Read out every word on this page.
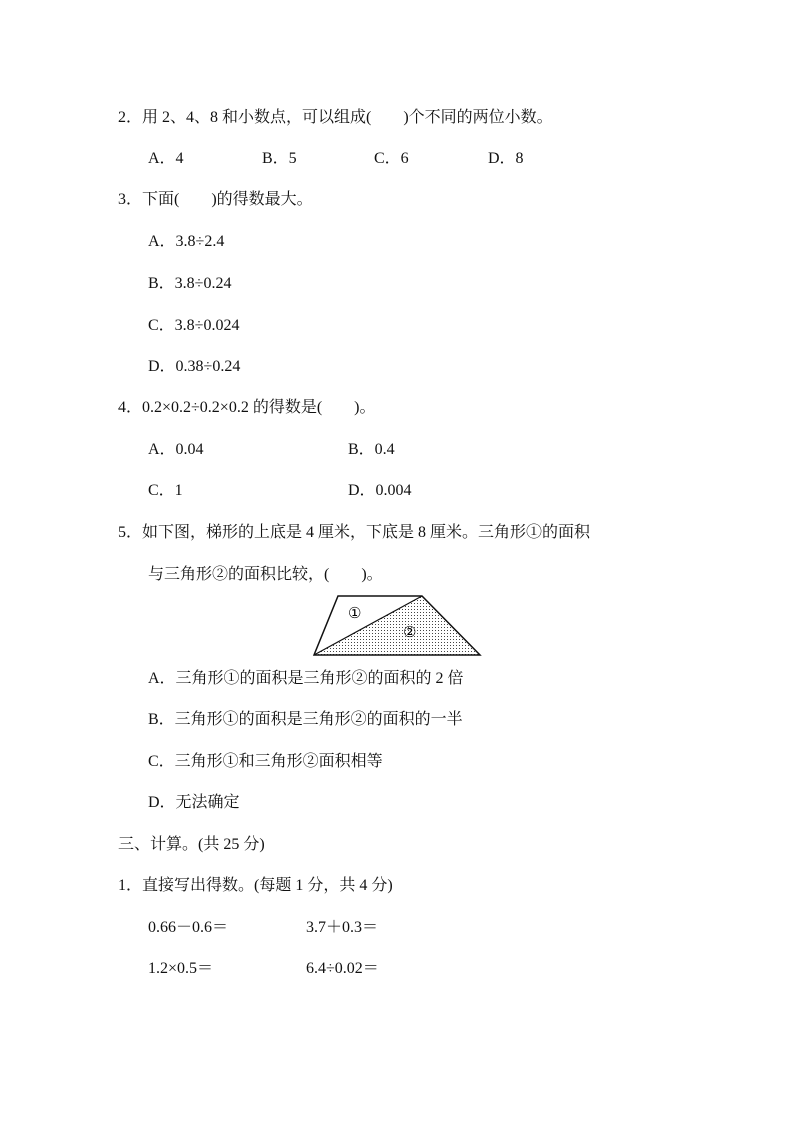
2．用 2、4、8 和小数点，可以组成(　　)个不同的两位小数。
A．4	B．5	C．6	D．8
3．下面(　　)的得数最大。
A．3.8÷2.4
B．3.8÷0.24
C．3.8÷0.024
D．0.38÷0.24
4．0.2×0.2÷0.2×0.2 的得数是(　　)。
A．0.04	B．0.4
C．1	D．0.004
5．如下图，梯形的上底是 4 厘米，下底是 8 厘米。三角形①的面积
与三角形②的面积比较，(　　)。
①
②
A．三角形①的面积是三角形②的面积的 2 倍
B．三角形①的面积是三角形②的面积的一半
C．三角形①和三角形②面积相等
D．无法确定
三、计算。(共 25 分)
1．直接写出得数。(每题 1 分，共 4 分)
0.66－0.6＝	3.7＋0.3＝
1.2×0.5＝	6.4÷0.02＝
